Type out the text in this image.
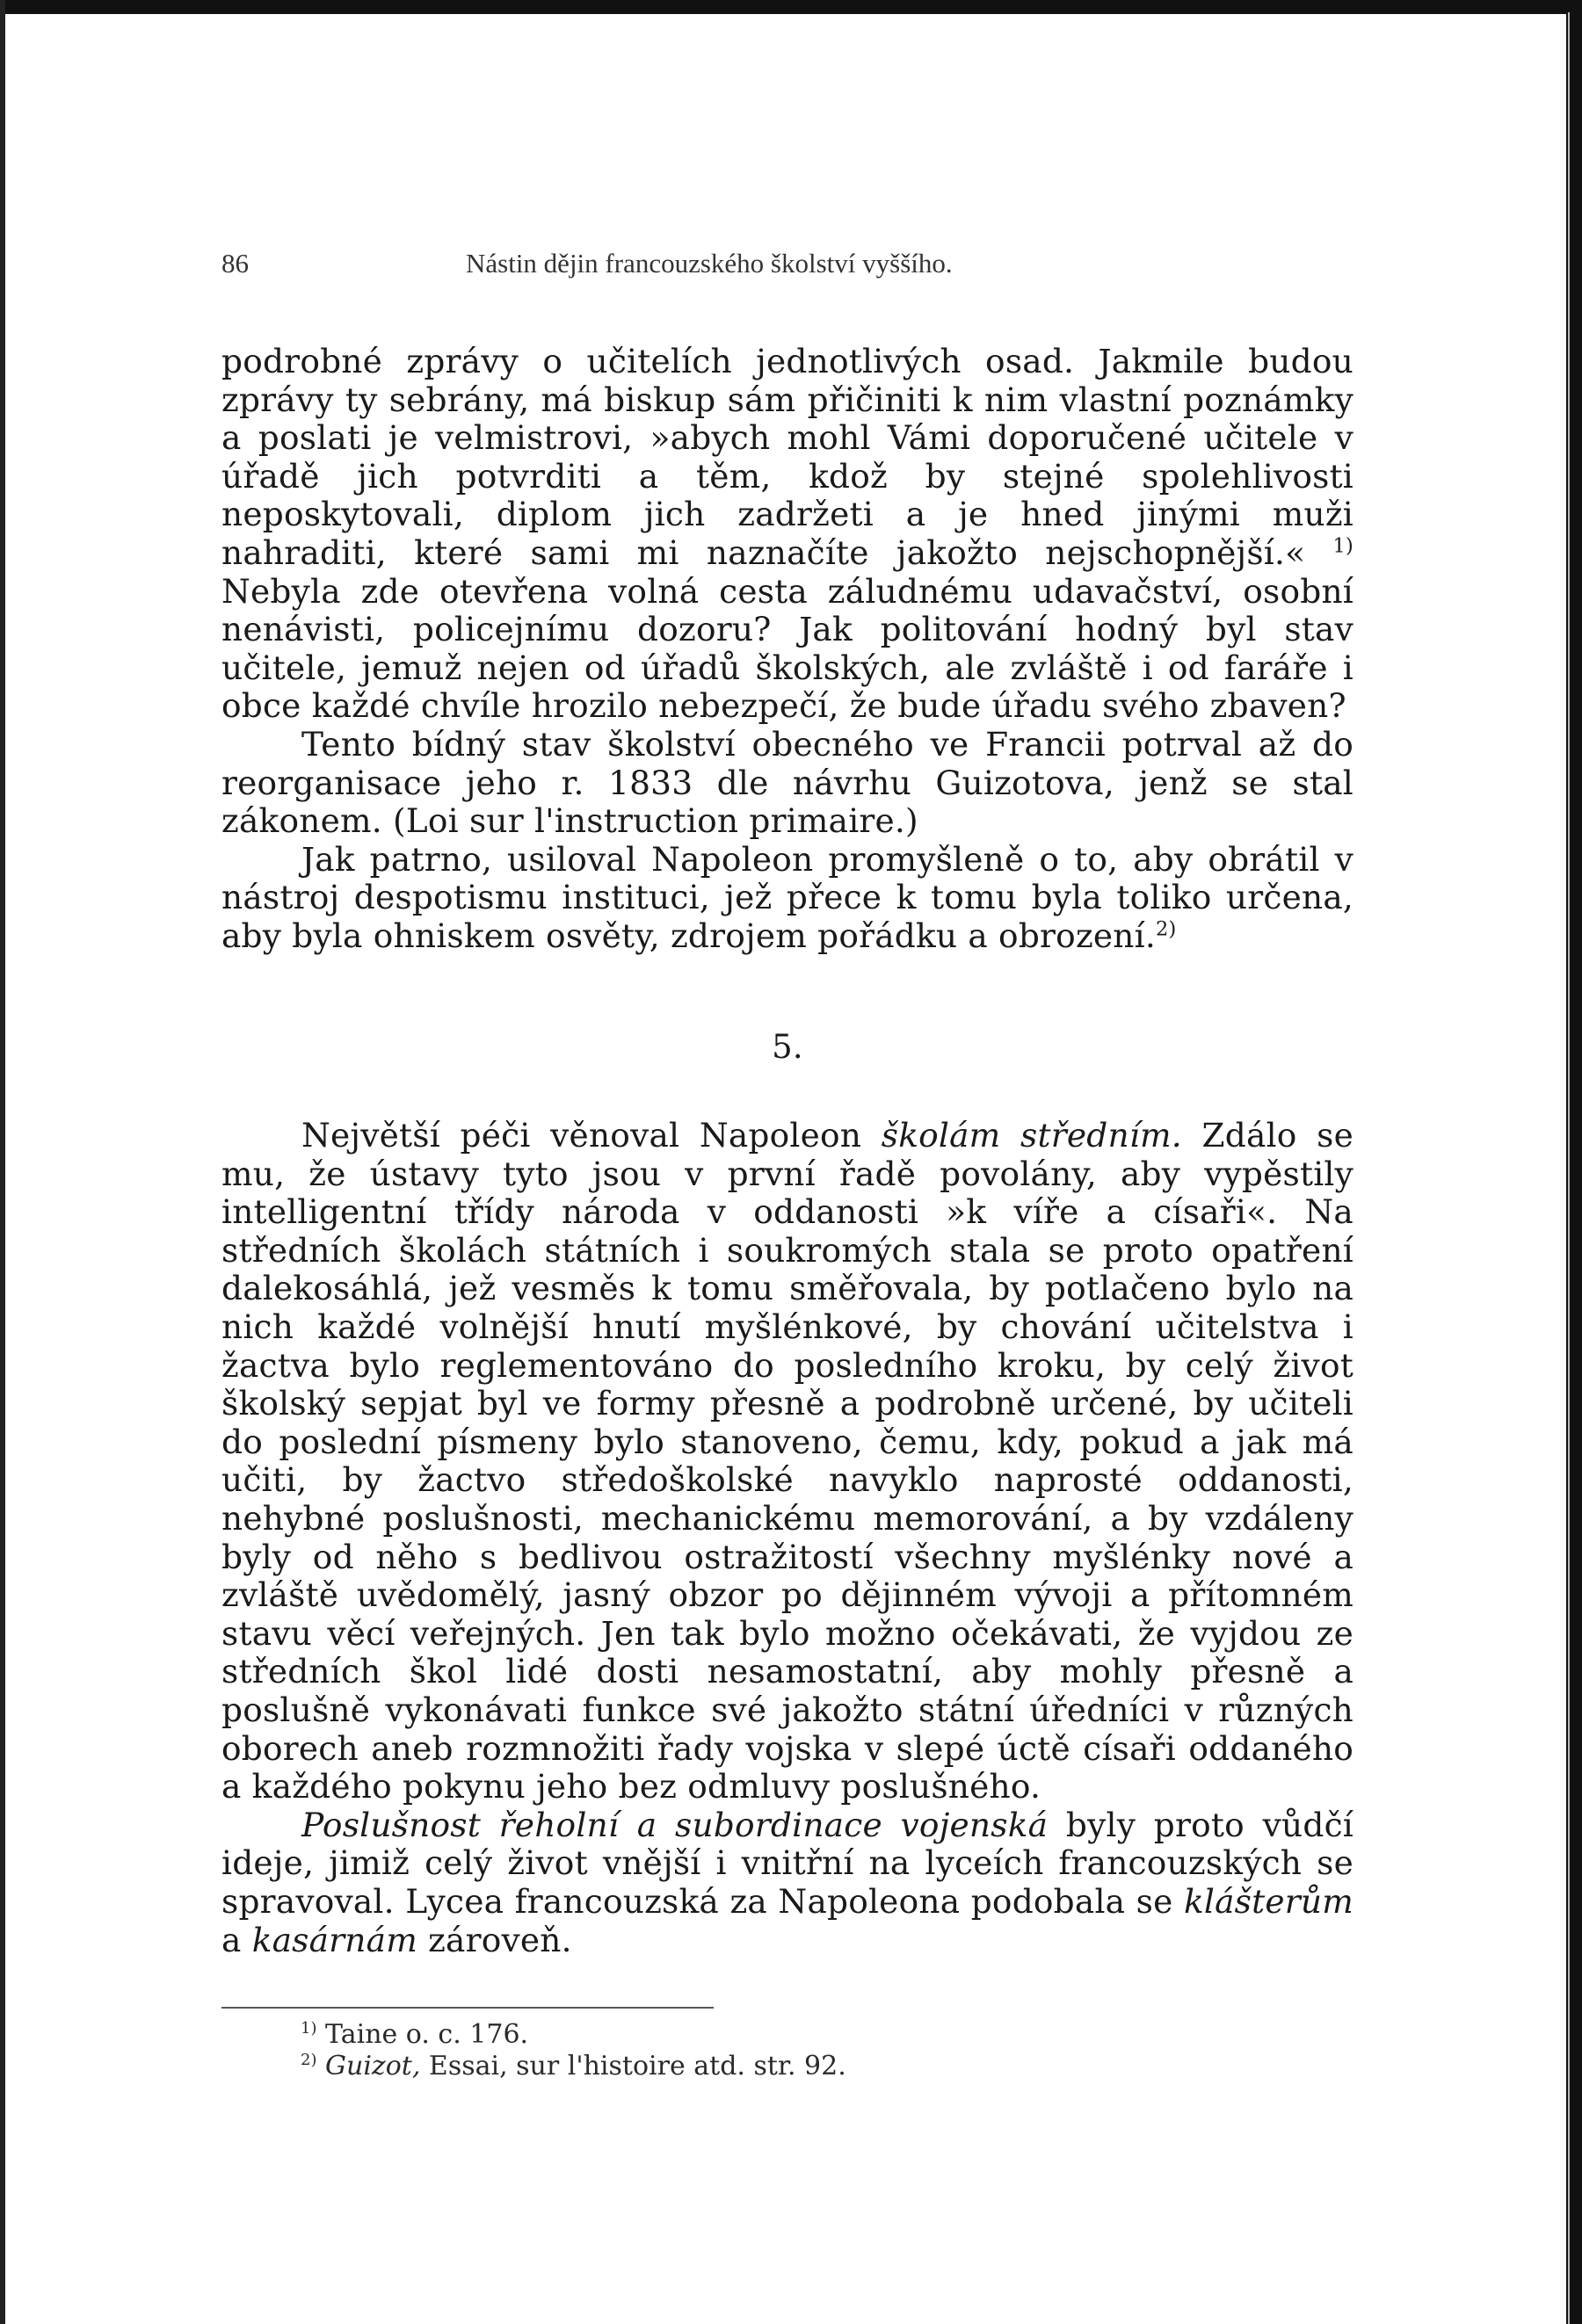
86	Nástin dějin francouzského školství vyššího.

podrobné zprávy o učitelích jednotlivých osad. Jakmile budou zprávy ty sebrány, má biskup sám přičiniti k nim vlastní poznámky a poslati je velmistrovi, »abych mohl Vámi doporučené učitele v úřadě jich potvrditi a těm, kdož by stejné spolehlivosti neposkytovali, diplom jich zadržeti a je hned jinými muži nahraditi, které sami mi naznačíte jakožto nejschopnější.« $^{1)}$ Nebyla zde otevřena volná cesta záludnému udavačství, osobní nenávisti, policejnímu dozoru? Jak politování hodný byl stav učitele, jemuž nejen od úřadů školských, ale zvláště i od faráře i obce každé chvíle hrozilo nebezpečí, že bude úřadu svého zbaven?

Tento bídný stav školství obecného ve Francii potrval až do reorganisace jeho r. 1833 dle návrhu Guizotova, jenž se stal zákonem. (Loi sur l'instruction primaire.)

Jak patrno, usiloval Napoleon promyšleně o to, aby obrátil v nástroj despotismu instituci, jež přece k tomu byla toliko určena, aby byla ohniskem osvěty, zdrojem pořádku a obrození.$^{2)}$

5.

Největší péči věnoval Napoleon školám středním. Zdálo se mu, že ústavy tyto jsou v první řadě povolány, aby vypěstily intelligentní třídy národa v oddanosti »k víře a císaři«. Na středních školách státních i soukromých stala se proto opatření dalekosáhlá, jež vesměs k tomu směřovala, by potlačeno bylo na nich každé volnější hnutí myšlénkové, by chování učitelstva i žactva bylo reglementováno do posledního kroku, by celý život školský sepjat byl ve formy přesně a podrobně určené, by učiteli do poslední písmeny bylo stanoveno, čemu, kdy, pokud a jak má učiti, by žactvo středoškolské navyklo naprosté oddanosti, nehybné poslušnosti, mechanickému memorování, a by vzdáleny byly od něho s bedlivou ostražitostí všechny myšlénky nové a zvláště uvědomělý, jasný obzor po dějinném vývoji a přítomném stavu věcí veřejných. Jen tak bylo možno očekávati, že vyjdou ze středních škol lidé dosti nesamostatní, aby mohly přesně a poslušně vykonávati funkce své jakožto státní úředníci v různých oborech aneb rozmnožiti řady vojska v slepé úctě císaři oddaného a každého pokynu jeho bez odmluvy poslušného.

Poslušnost řeholní a subordinace vojenská byly proto vůdčí ideje, jimiž celý život vnější i vnitřní na lyceích francouzských se spravoval. Lycea francouzská za Napoleona podobala se klášterům a kasárnám zároveň.

$^{1)}$ Taine o. c. 176.
$^{2)}$ Guizot, Essai, sur l'histoire atd. str. 92.
